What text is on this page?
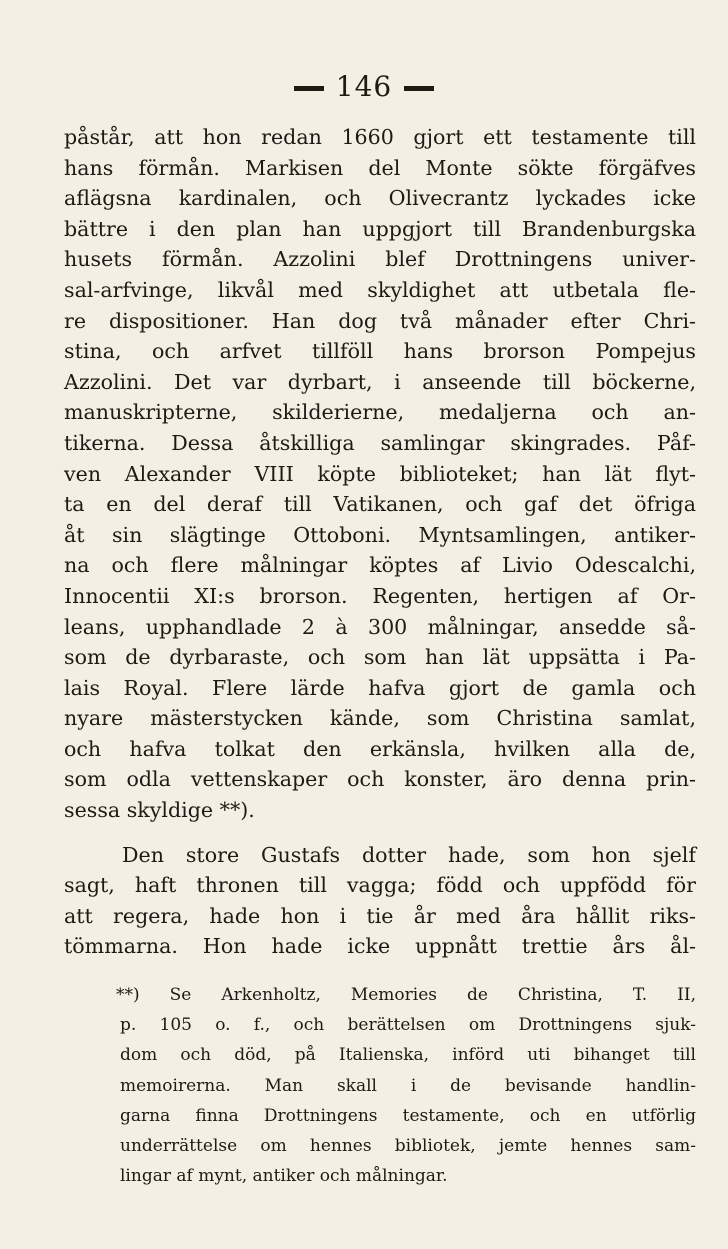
146
påstår, att hon redan 1660 gjort ett testamente till
hans förmån. Markisen del Monte sökte förgäfves
aflägsna kardinalen, och Olivecrantz lyckades icke
bättre i den plan han uppgjort till Brandenburgska
husets förmån. Azzolini blef Drottningens univer-
sal-arfvinge, likvål med skyldighet att utbetala fle-
re dispositioner. Han dog två månader efter Chri-
stina, och arfvet tillföll hans brorson Pompejus
Azzolini. Det var dyrbart, i anseende till böckerne,
manuskripterne, skilderierne, medaljerna och an-
tikerna. Dessa åtskilliga samlingar skingrades. Påf-
ven Alexander VIII köpte biblioteket; han lät flyt-
ta en del deraf till Vatikanen, och gaf det öfriga
åt sin slägtinge Ottoboni. Myntsamlingen, antiker-
na och flere målningar köptes af Livio Odescalchi,
Innocentii XI:s brorson. Regenten, hertigen af Or-
leans, upphandlade 2 à 300 målningar, ansedde så-
som de dyrbaraste, och som han lät uppsätta i Pa-
lais Royal. Flere lärde hafva gjort de gamla och
nyare mästerstycken kände, som Christina samlat,
och hafva tolkat den erkänsla, hvilken alla de,
som odla vettenskaper och konster, äro denna prin-
sessa skyldige **).
Den store Gustafs dotter hade, som hon sjelf
sagt, haft thronen till vagga; född och uppfödd för
att regera, hade hon i tie år med åra hållit riks-
tömmarna. Hon hade icke uppnått trettie års ål-
**) Se Arkenholtz, Memories de Christina, T. II,
p. 105 o. f., och berättelsen om Drottningens sjuk-
dom och död, på Italienska, införd uti bihanget till
memoirerna. Man skall i de bevisande handlin-
garna finna Drottningens testamente, och en utförlig
underrättelse om hennes bibliotek, jemte hennes sam-
lingar af mynt, antiker och målningar.
